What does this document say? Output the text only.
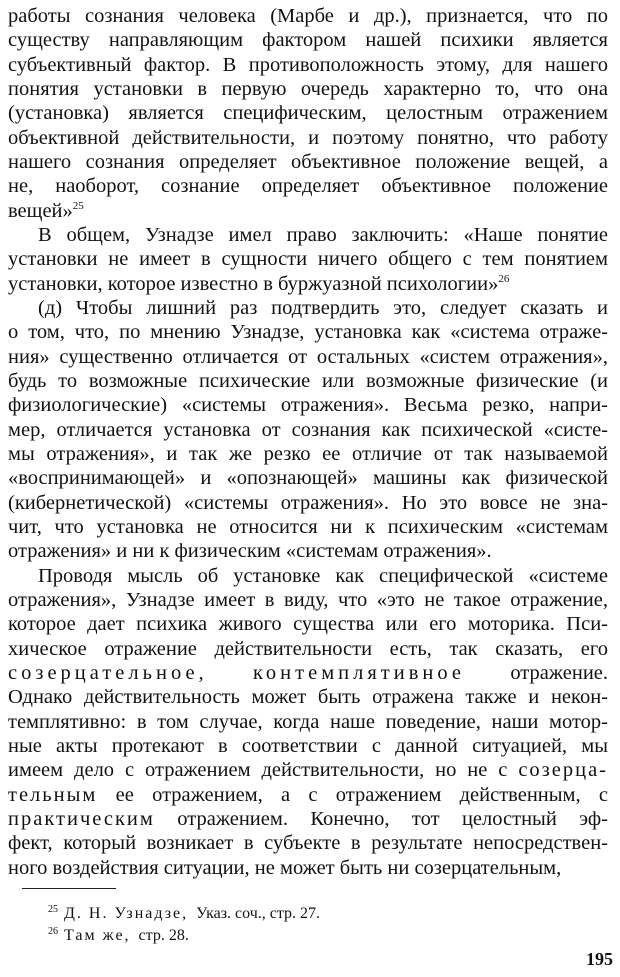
работы сознания человека (Марбе и др.), признается, что по
существу направляющим фактором нашей психики является
субъективный фактор. В противоположность этому, для нашего
понятия установки в первую очередь характерно то, что она
(установка) является специфическим, целостным отражением
объективной действительности, и поэтому понятно, что работу
нашего сознания определяет объективное положение вещей, а
не, наоборот, сознание определяет объективное положение
вещей»$^{25}$
В общем, Узнадзе имел право заключить: «Наше понятие
установки не имеет в сущности ничего общего с тем понятием
установки, которое известно в буржуазной психологии»$^{26}$
(д) Чтобы лишний раз подтвердить это, следует сказать и
о том, что, по мнению Узнадзе, установка как «система отраже-
ния» существенно отличается от остальных «систем отражения»,
будь то возможные психические или возможные физические (и
физиологические) «системы отражения». Весьма резко, напри-
мер, отличается установка от сознания как психической «систе-
мы отражения», и так же резко ее отличие от так называемой
«воспринимающей» и «опознающей» машины как физической
(кибернетической) «системы отражения». Но это вовсе не зна-
чит, что установка не относится ни к психическим «системам
отражения» и ни к физическим «системам отражения».
Проводя мысль об установке как специфической «системе
отражения», Узнадзе имеет в виду, что «это не такое отражение,
которое дает психика живого существа или его моторика. Пси-
хическое отражение действительности есть, так сказать, его
созерцательное, контемплятивное отражение.
Однако действительность может быть отражена также и некон-
темплятивно: в том случае, когда наше поведение, наши мотор-
ные акты протекают в соответствии с данной ситуацией, мы
имеем дело с отражением действительности, но не с созерца-
$^{25}$ Д. Н. Узнадзе, Указ. соч., стр. 27.
$^{26}$ Там же, стр. 28.
195
тельным ее отражением, а с отражением действенным, с
практическим отражением. Конечно, тот целостный эф-
фект, который возникает в субъекте в результате непосредствен-
ного воздействия ситуации, не может быть ни созерцательным,
